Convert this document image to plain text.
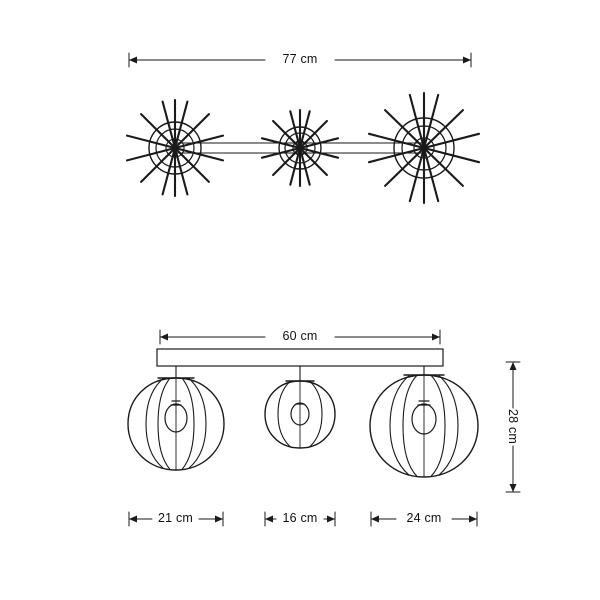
77 cm
60 cm
28 cm
21 cm	16 cm	24 cm
